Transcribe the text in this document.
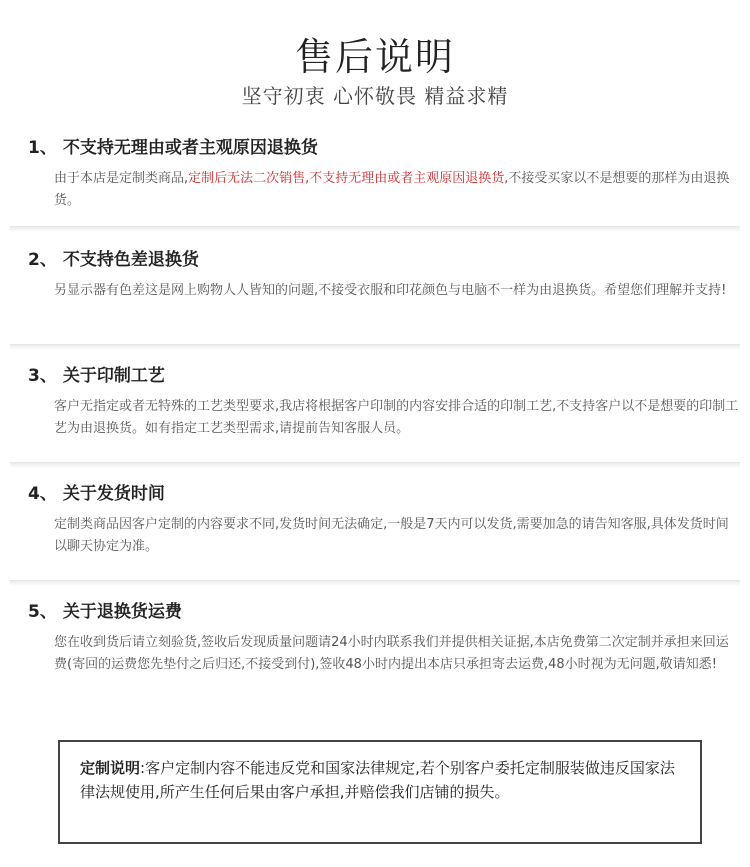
售后说明
坚守初衷 心怀敬畏 精益求精
1、 不支持无理由或者主观原因退换货
由于本店是定制类商品,定制后无法二次销售,不支持无理由或者主观原因退换货,不接受买家以不是想要的那样为由退换货。
2、 不支持色差退换货
另显示器有色差这是网上购物人人皆知的问题,不接受衣服和印花颜色与电脑不一样为由退换货。希望您们理解并支持!
3、 关于印制工艺
客户无指定或者无特殊的工艺类型要求,我店将根据客户印制的内容安排合适的印制工艺,不支持客户以不是想要的印制工艺为由退换货。如有指定工艺类型需求,请提前告知客服人员。
4、 关于发货时间
定制类商品因客户定制的内容要求不同,发货时间无法确定,一般是7天内可以发货,需要加急的请告知客服,具体发货时间以聊天协定为准。
5、 关于退换货运费
您在收到货后请立刻验货,签收后发现质量问题请24小时内联系我们并提供相关证据,本店免费第二次定制并承担来回运费(寄回的运费您先垫付之后归还,不接受到付),签收48小时内提出本店只承担寄去运费,48小时视为无问题,敬请知悉!
定制说明:客户定制内容不能违反党和国家法律规定,若个别客户委托定制服装做违反国家法律法规使用,所产生任何后果由客户承担,并赔偿我们店铺的损失。
